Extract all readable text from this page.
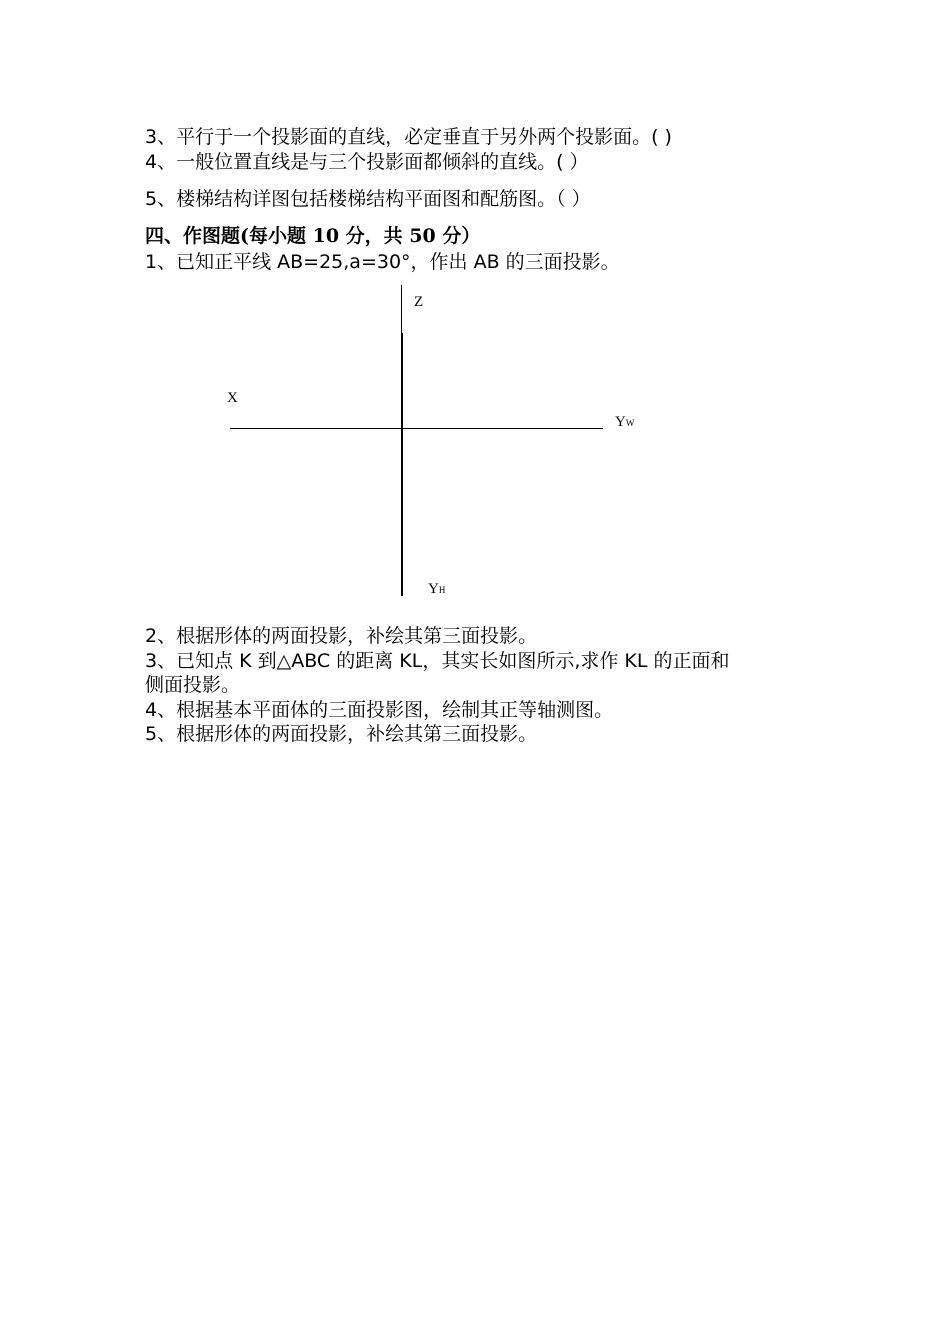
3、平行于一个投影面的直线，必定垂直于另外两个投影面。( )
4、一般位置直线是与三个投影面都倾斜的直线。( ）
5、楼梯结构详图包括楼梯结构平面图和配筋图。（ ）
四、作图题(每小题 10 分，共 50 分）
1、已知正平线 AB=25,a=30°，作出 AB 的三面投影。
Z
X
YW
YH
2、根据形体的两面投影，补绘其第三面投影。
3、已知点 K 到△ABC 的距离 KL，其实长如图所示,求作 KL 的正面和
侧面投影。
4、根据基本平面体的三面投影图，绘制其正等轴测图。
5、根据形体的两面投影，补绘其第三面投影。
